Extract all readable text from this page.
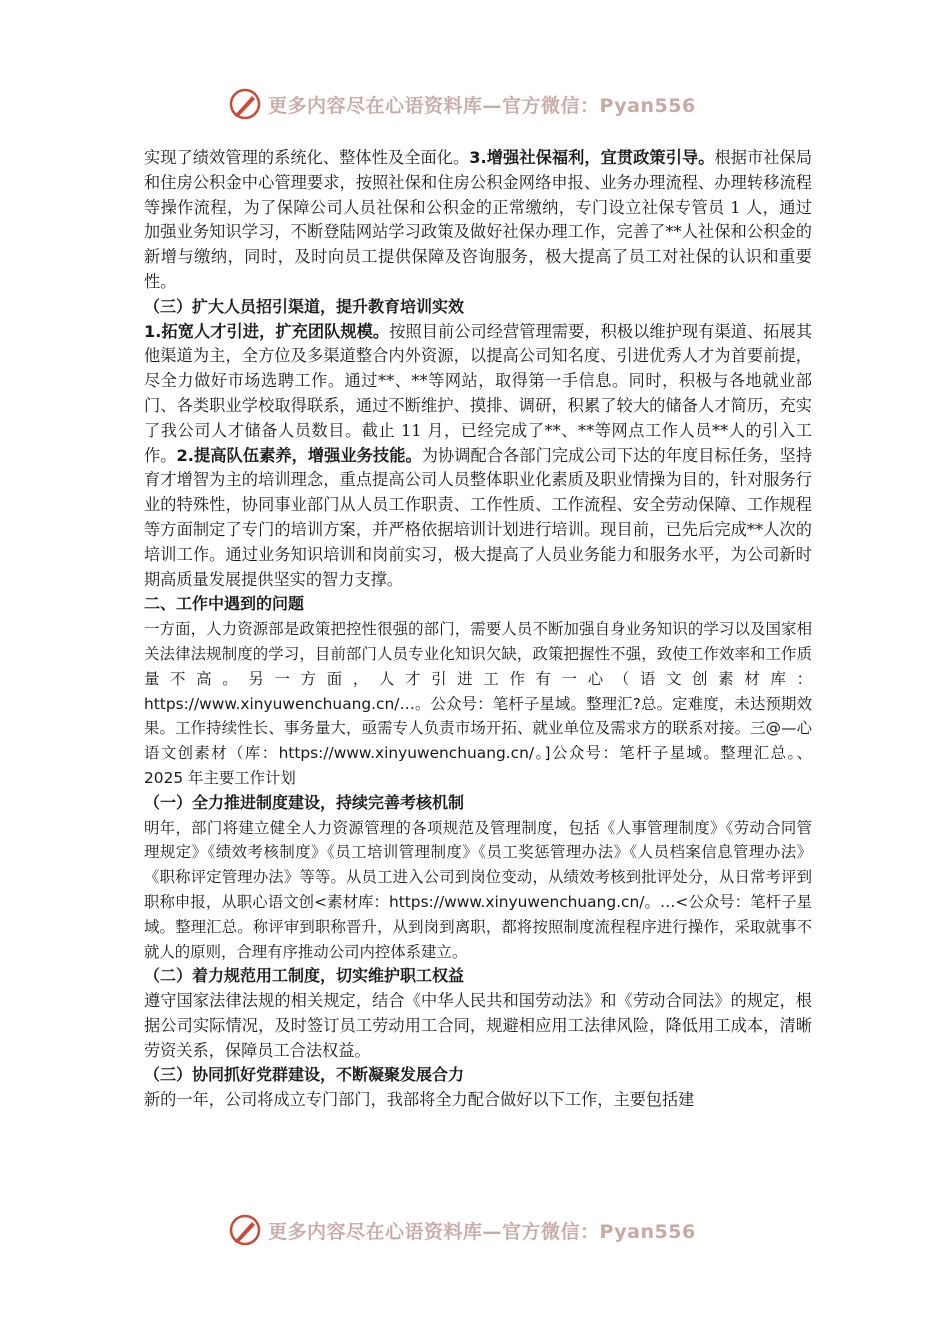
更多内容尽在心语资料库—官方微信：Pyan556

实现了绩效管理的系统化、整体性及全面化。3.增强社保福利，宜贯政策引导。根据市社保局和住房公积金中心管理要求，按照社保和住房公积金网络申报、业务办理流程、办理转移流程等操作流程，为了保障公司人员社保和公积金的正常缴纳，专门设立社保专管员 1 人，通过加强业务知识学习，不断登陆网站学习政策及做好社保办理工作，完善了**人社保和公积金的新增与缴纳，同时，及时向员工提供保障及咨询服务，极大提高了员工对社保的认识和重要性。

（三）扩大人员招引渠道，提升教育培训实效

1.拓宽人才引进，扩充团队规模。按照目前公司经营管理需要，积极以维护现有渠道、拓展其他渠道为主，全方位及多渠道整合内外资源，以提高公司知名度、引进优秀人才为首要前提，尽全力做好市场选聘工作。通过**、**等网站，取得第一手信息。同时，积极与各地就业部门、各类职业学校取得联系，通过不断维护、摸排、调研，积累了较大的储备人才简历，充实了我公司人才储备人员数目。截止 11 月，已经完成了**、**等网点工作人员**人的引入工作。2.提高队伍素养，增强业务技能。为协调配合各部门完成公司下达的年度目标任务，坚持育才增智为主的培训理念，重点提高公司人员整体职业化素质及职业情操为目的，针对服务行业的特殊性，协同事业部门从人员工作职责、工作性质、工作流程、安全劳动保障、工作规程等方面制定了专门的培训方案，并严格依据培训计划进行培训。现目前，已先后完成**人次的培训工作。通过业务知识培训和岗前实习，极大提高了人员业务能力和服务水平，为公司新时期高质量发展提供坚实的智力支撑。

二、工作中遇到的问题

一方面，人力资源部是政策把控性很强的部门，需要人员不断加强自身业务知识的学习以及国家相关法律法规制度的学习，目前部门人员专业化知识欠缺，政策把握性不强，致使工作效率和工作质量不高。另一方面，人才引进工作有一心（语文创素材库：https://www.xinyuwenchuang.cn/…。公众号：笔杆子星域。整理汇?总。定难度，未达预期效果。工作持续性长、事务量大，亟需专人负责市场开拓、就业单位及需求方的联系对接。三@—心语文创素材（库：https://www.xinyuwenchuang.cn/。]公众号：笔杆子星域。整理汇总。、2025 年主要工作计划

（一）全力推进制度建设，持续完善考核机制

明年，部门将建立健全人力资源管理的各项规范及管理制度，包括《人事管理制度》《劳动合同管理规定》《绩效考核制度》《员工培训管理制度》《员工奖惩管理办法》《人员档案信息管理办法》《职称评定管理办法》等等。从员工进入公司到岗位变动，从绩效考核到批评处分，从日常考评到职称申报，从职心语文创<素材库：https://www.xinyuwenchuang.cn/。…<公众号：笔杆子星域。整理汇总。称评审到职称晋升，从到岗到离职，都将按照制度流程程序进行操作，采取就事不就人的原则，合理有序推动公司内控体系建立。

（二）着力规范用工制度，切实维护职工权益

遵守国家法律法规的相关规定，结合《中华人民共和国劳动法》和《劳动合同法》的规定，根据公司实际情况，及时签订员工劳动用工合同，规避相应用工法律风险，降低用工成本，清晰劳资关系，保障员工合法权益。

（三）协同抓好党群建设，不断凝聚发展合力

新的一年，公司将成立专门部门，我部将全力配合做好以下工作，主要包括建

更多内容尽在心语资料库—官方微信：Pyan556
